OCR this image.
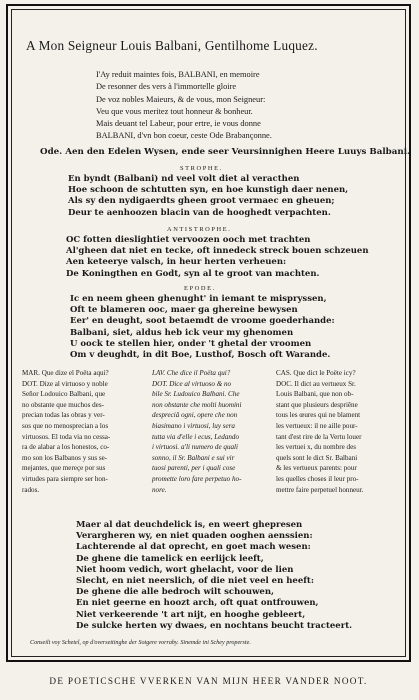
A Mon Seigneur Louis Balbani, Gentilhome Luquez.
I'Ay reduit maintes fois, BALBANI, en memoire
De resonner des vers à l'immortelle gloire
De voz nobles Maieurs, & de vous, mon Seigneur:
Veu que vous meritez tout honneur & bonheur.
Mais deuant tel Labeur, pour ertre, ie vous donne
BALBANI, d'vn bon coeur, ceste Ode Brabançonne.
Ode. Aen den Edelen Wysen, ende seer Veursinnighen Heere Luuys Balbani.
STROPHE.
En byndt (Balbani) nd veel volt diet al veracthen
Hoe schoon de schtutten syn, en hoe kunstigh daer nenen,
Als sy den nydigaerdts gheen groot vermaec en gheuen;
Deur te aenhoozen blacin van de hooghedt verpachten.
ANTISTROPHE.
OC fotten dieslightiet vervoozen ooch met trachten
Al'gheen dat niet en tecke, oft innedeck streck bouen schzeuen
Aen keteerye valsch, in heur herten verheuen:
De Koningthen en Godt, syn al te groot van machten.
EPODE.
Ic en neem gheen ghenught' in iemant te mispryssen,
Oft te blameren ooc, maer ga ghereine bewysen
Eer' en deught, soot betaemdt de vroome goederhande:
Balbani, siet, aldus heb ick veur my ghenomen
U oock te stellen hier, onder 't ghetal der vroomen
Om v deughdt, in dit Boe, Lusthof, Bosch oft Warande.
MAR. Que dize el Poëta aqui?
DOT. Dize al virtuoso y noble
Señor Lodouico Balbani, que
no obstante que muchos des-
precian todas las obras y ver-
sos que no menosprecian a los
virtuosos. El toda via no cessa-
ra de alabar a los honestos, co-
mo son los Balbanos y sus se-
mejantes, que mereçe por sus
virtudes para siempre ser hon-
rados.
LAV. Che dice il Poëta qui?
DOT. Dice al virtuoso & no
bile Sr. Ludouico Balbani. Che
non obstante che molti huomini
despreciâ ogni, opere che non
biasimano i virtuosi, luy sera
tutta via d'elle i ecus, Ledando
i virtuosi. a'li numero de quali
sonno, il Sr. Balbani e sui vir
tuosi parenti, per i quali cose
promette loro fare perpetuo ho-
nore.
CAS. Que dict le Poëte icy?
DOC. Il dict au vertueux Sr.
Louis Balbani, que non ob-
stant que plusieurs despriêne
tous les œures qui ne blament
les vertueux: il ne aille pour-
tant d'est rire de la Vertu louer
les vertuei x, du nombre des
quels sont le dict Sr. Balbani
& les vertueux parents: pour
les quelles choses il leur pro-
mettre faire perpetuel honneur.
Maer al dat deuchdelick is, en weert ghepresen
Verargheren wy, en niet quaden ooghen aenssien:
Lachterende al dat oprecht, en goet mach wesen:
De ghene die tamelick en eerlijck leeft,
Niet hoom vedich, wort ghelacht, voor de lien
Slecht, en niet neerslich, of die niet veel en heeft:
De ghene die alle bedroch wilt schouwen,
En niet geerne en hoozt arch, oft quat ontfrouwen,
Niet verkeerende 't art nijt, en hooghe gebleert,
De sulcke herten wy dwaes, en nochtans beucht tracteert.
Conseilt voy Schetel, op d'oversettinghe der Sotgere vorraby. Sinemde ini Schey properste.
DE POETICSCHE VVERKEN VAN MIJN HEER VANDER NOOT.
